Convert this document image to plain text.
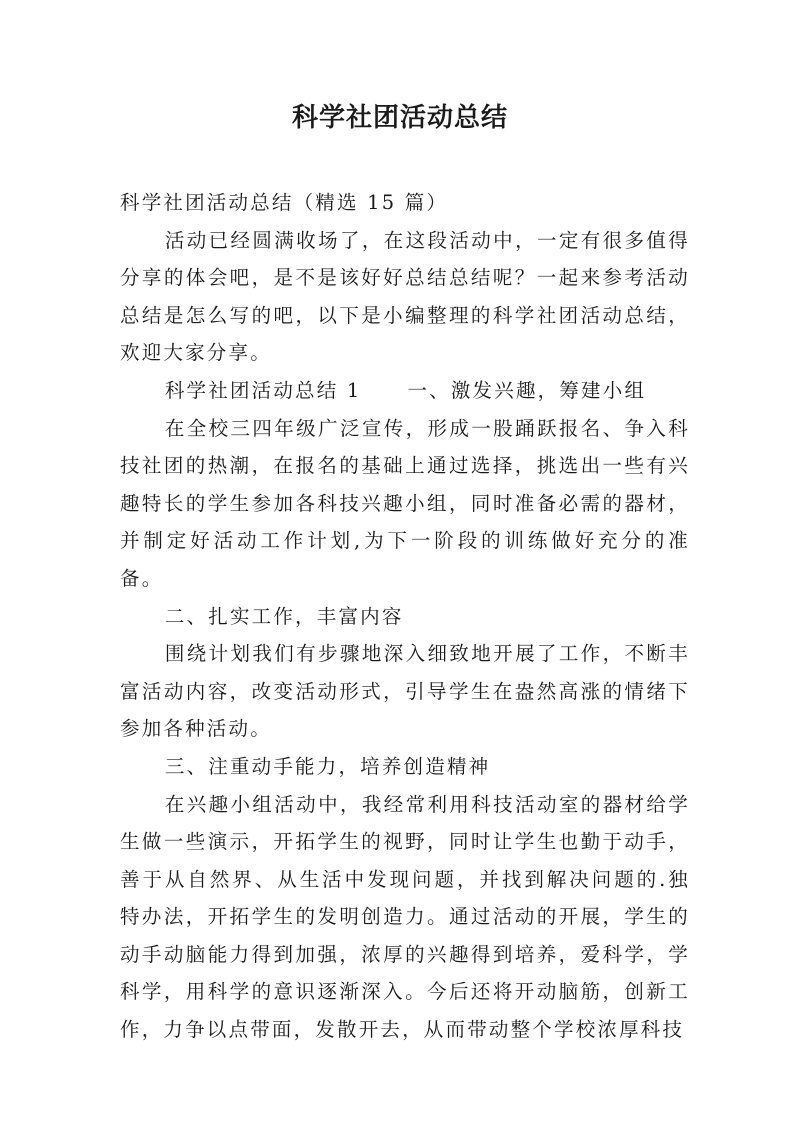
科学社团活动总结

科学社团活动总结（精选 15 篇）

活动已经圆满收场了，在这段活动中，一定有很多值得分享的体会吧，是不是该好好总结总结呢？一起来参考活动总结是怎么写的吧，以下是小编整理的科学社团活动总结，欢迎大家分享。

科学社团活动总结 1 一、激发兴趣，筹建小组

在全校三四年级广泛宣传，形成一股踊跃报名、争入科技社团的热潮，在报名的基础上通过选择，挑选出一些有兴趣特长的学生参加各科技兴趣小组，同时准备必需的器材，并制定好活动工作计划,为下一阶段的训练做好充分的准备。

二、扎实工作，丰富内容

围绕计划我们有步骤地深入细致地开展了工作，不断丰富活动内容，改变活动形式，引导学生在盎然高涨的情绪下参加各种活动。

三、注重动手能力，培养创造精神

在兴趣小组活动中，我经常利用科技活动室的器材给学生做一些演示，开拓学生的视野，同时让学生也勤于动手，善于从自然界、从生活中发现问题，并找到解决问题的.独特办法，开拓学生的发明创造力。通过活动的开展，学生的动手动脑能力得到加强，浓厚的兴趣得到培养，爱科学，学科学，用科学的意识逐渐深入。今后还将开动脑筋，创新工作，力争以点带面，发散开去，从而带动整个学校浓厚科技
